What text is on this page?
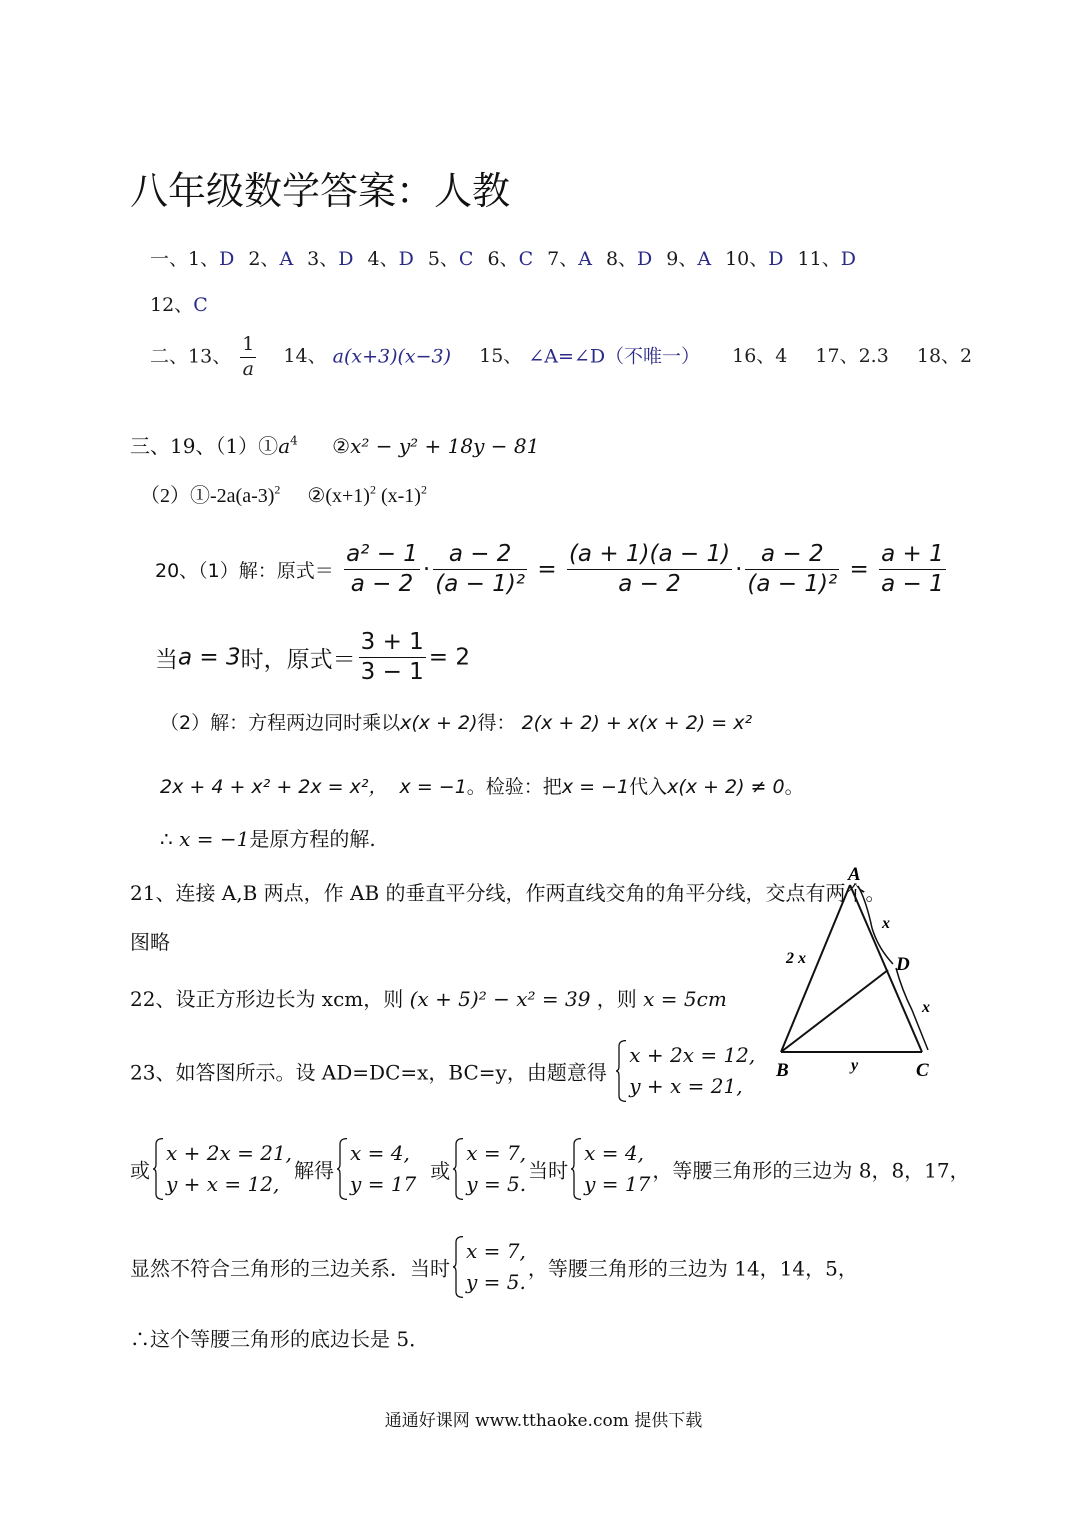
八年级数学答案：人教
一、1、D 2、A 3、D 4、D 5、C 6、C 7、A 8、D 9、A 10、D 11、D
12、C
二、13、 $\frac{1}{a} 14$、 a(x+3)(x−3) 15、 ∠A=∠D（不唯一） 16、4 17、2.3 18、2
三、19、$(1)①a^4$ ②x² − y² + 18y − 81
$(2)①-2a(a-3)^2$ $②(x+1)^2$ $(x-1)^2$
20、（1）解：原式＝ $\frac{\text{a² − 1}}{a - 2} \cdot \frac{a - 2}{\text{(a − 1)²}} = \frac{(a + 1)(a - 1)}{a - 2} \cdot \frac{a - 2}{\text{(a − 1)²}} = \frac{a + 1}{a - 1}$
当a = 3时，原式＝ $\frac{3 + 1}{3 - 1} = 2$
（2）解：方程两边同时乘以x(x + 2)得： 2(x + 2) + x(x + 2) = x²
2x + 4 + x² + 2x = x²， x = −1。检验：把x = −1代入x(x + 2) ≠ 0。
∴ x = −1是原方程的解.
21、连接 A,B 两点，作 AB 的垂直平分线，作两直线交角的角平分线，交点有两个。
图略
22、设正方形边长为 xcm，则 (x + 5)² − x² = 39 ，则 x = 5cm
23、如答图所示。设 AD=DC=x，BC=y，由题意得
x + 2x = 12,
y + x = 21,
或
x + 2x = 21,
y + x = 12,
解得
x = 4,
y = 17
或
x = 7,
y = 5.
当时
x = 4,
y = 17
，等腰三角形的三边为 8，8，17，
显然不符合三角形的三边关系．当时
x = 7,
y = 5.
，等腰三角形的三边为 14，14，5，
∴这个等腰三角形的底边长是 5．
A
B	C
D
2 x
x
x
y
通通好课网 www.tthaoke.com 提供下载
